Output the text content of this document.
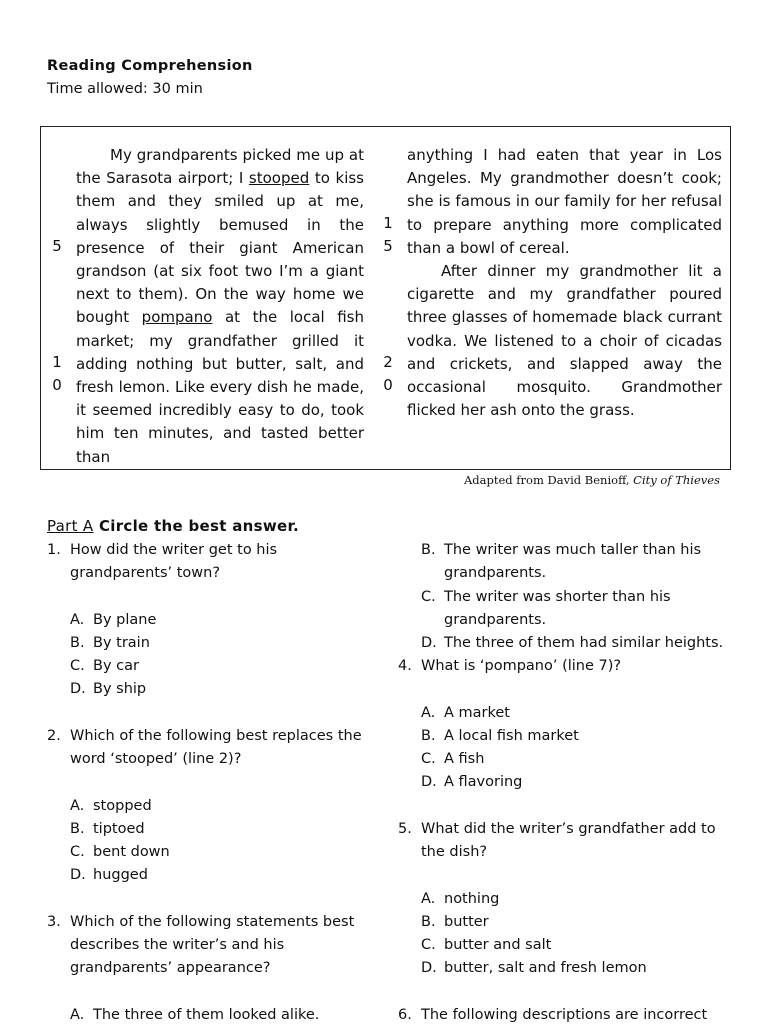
Reading Comprehension
Time allowed: 30 min

My grandparents picked me up at the Sarasota airport; I stooped to kiss them and they smiled up at me, always slightly bemused in the presence of their giant American grandson (at six foot two I’m a giant next to them). On the way home we bought pompano at the local fish market; my grandfather grilled it adding nothing but butter, salt, and fresh lemon. Like every dish he made, it seemed incredibly easy to do, took him ten minutes, and tasted better than

anything I had eaten that year in Los Angeles. My grandmother doesn’t cook; she is famous in our family for her refusal to prepare anything more complicated than a bowl of cereal.

After dinner my grandmother lit a cigarette and my grandfather poured three glasses of homemade black currant vodka. We listened to a choir of cicadas and crickets, and slapped away the occasional mosquito. Grandmother flicked her ash onto the grass.

5
1
0
1
5
2
0
Adapted from David Benioff, City of Thieves
Part A Circle the best answer.
1. How did the writer get to his
grandparents’ town?
A. By plane
B. By train
C. By car
D. By ship
2. Which of the following best replaces the
word ‘stooped’ (line 2)?
A. stopped
B. tiptoed
C. bent down
D. hugged
3. Which of the following statements best
describes the writer’s and his
grandparents’ appearance?
A. The three of them looked alike.
B. The writer was much taller than his
grandparents.
C. The writer was shorter than his
grandparents.
D. The three of them had similar heights.
4. What is ‘pompano’ (line 7)?
A. A market
B. A local fish market
C. A fish
D. A flavoring
5. What did the writer’s grandfather add to
the dish?
A. nothing
B. butter
C. butter and salt
D. butter, salt and fresh lemon
6. The following descriptions are incorrect
